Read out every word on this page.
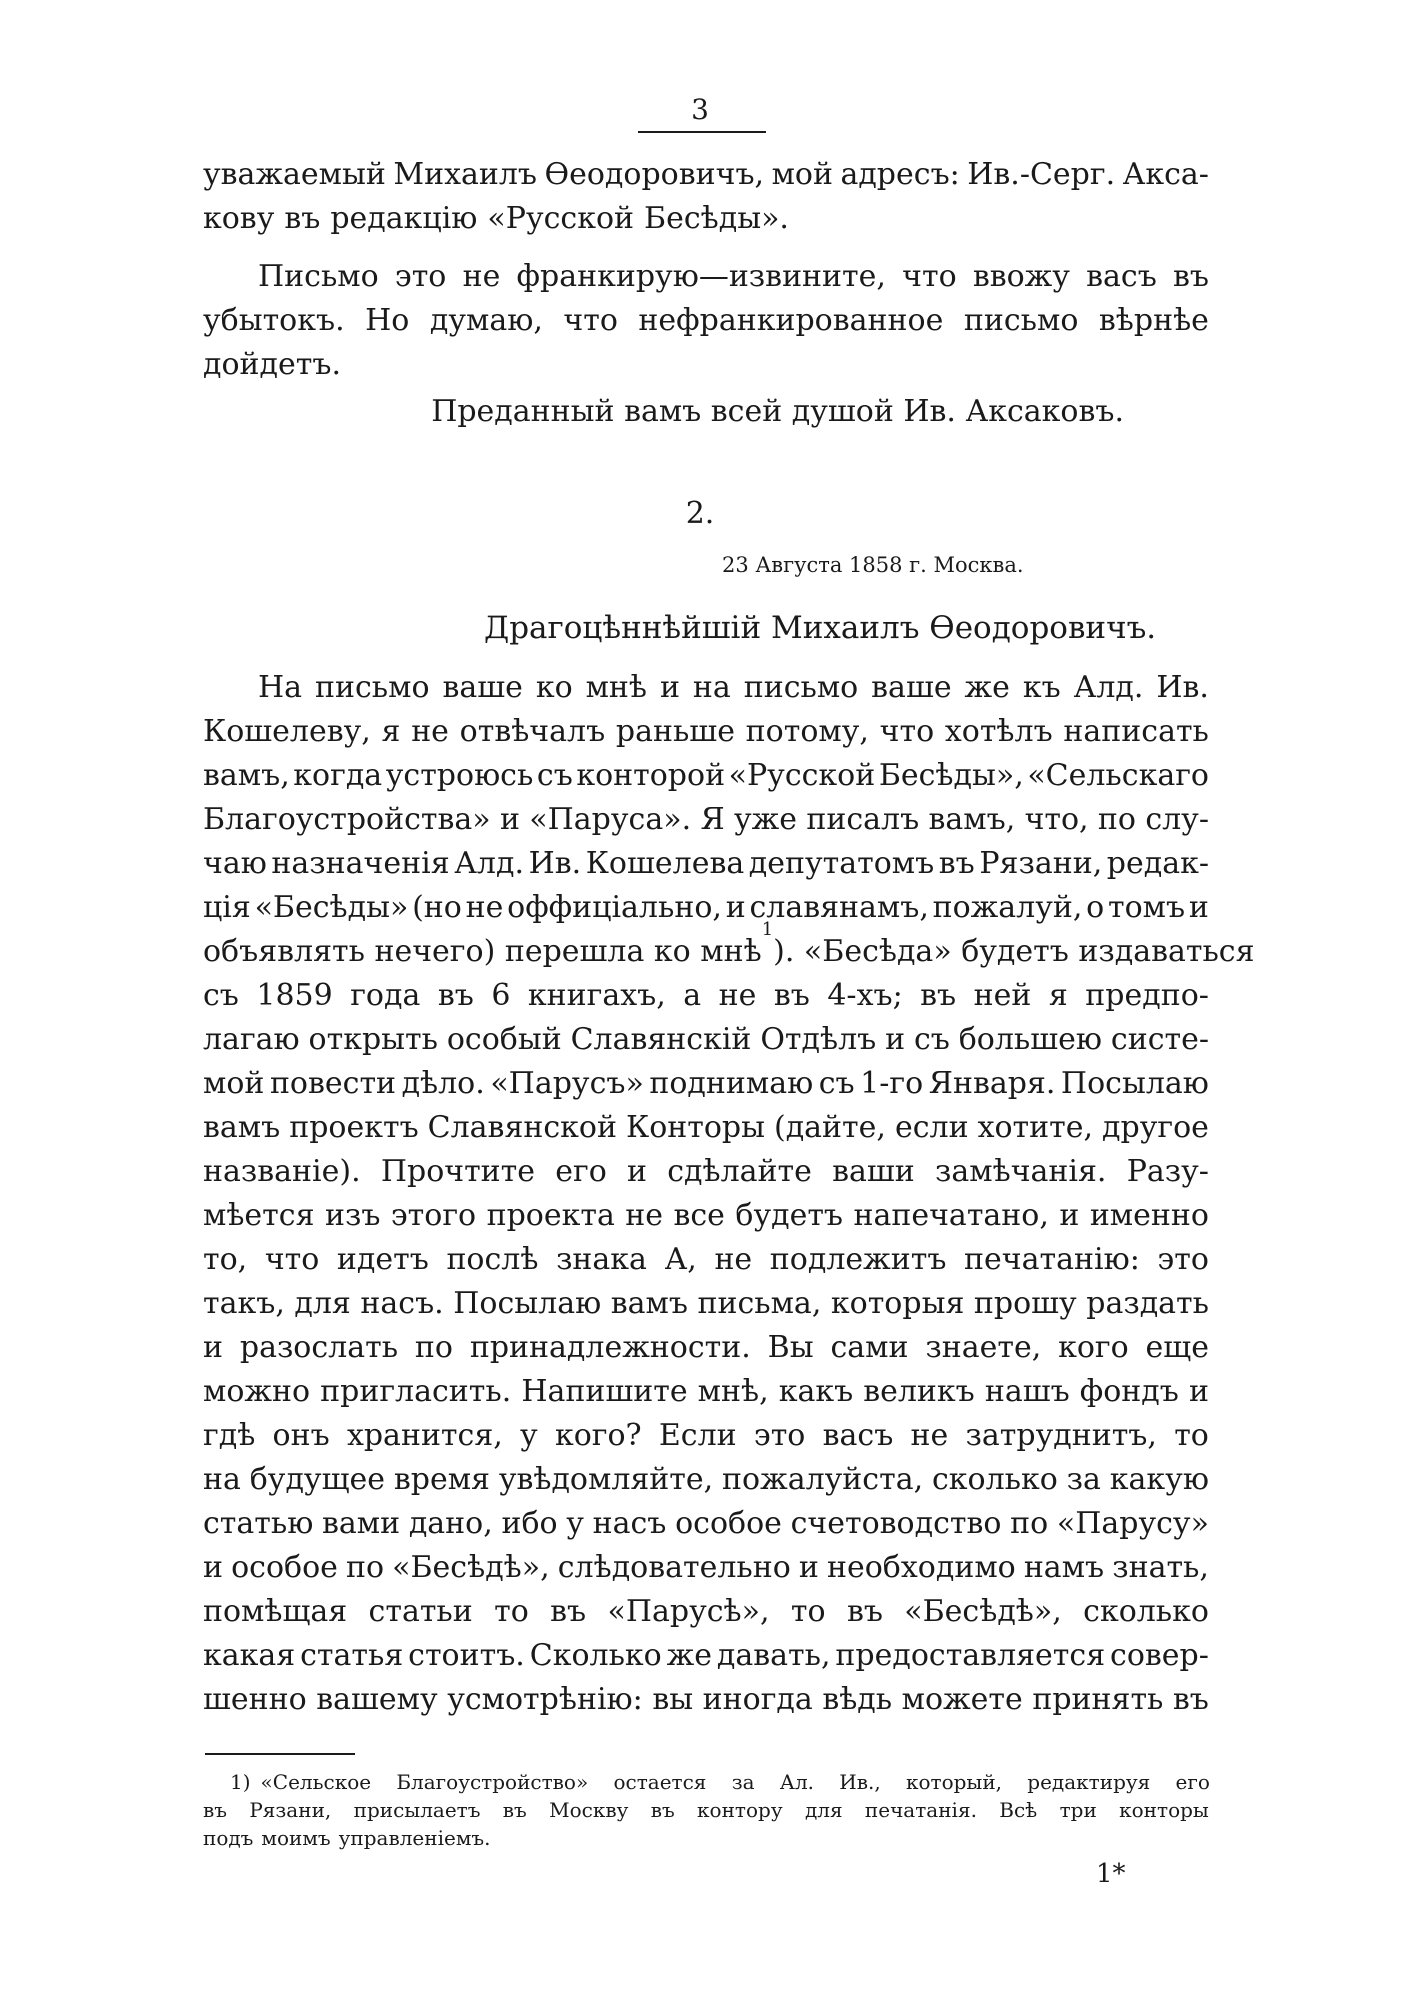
3
уважаемый Михаилъ Ѳеодоровичъ, мой адресъ: Ив.-Серг. Акса-
кову въ редакцію «Русской Бесѣды».
Письмо это не франкирую—извините, что ввожу васъ въ
убытокъ. Но думаю, что нефранкированное письмо вѣрнѣе
дойдетъ.
Преданный вамъ всей душой Ив. Аксаковъ.
2.
23 Августа 1858 г. Москва.
Драгоцѣннѣйшій Михаилъ Ѳеодоровичъ.
На письмо ваше ко мнѣ и на письмо ваше же къ Алд. Ив.
Кошелеву, я не отвѣчалъ раньше потому, что хотѣлъ написать
вамъ, когда устроюсь съ конторой «Русской Бесѣды», «Сельскаго
Благоустройства» и «Паруса». Я уже писалъ вамъ, что, по слу-
чаю назначенія Алд. Ив. Кошелева депутатомъ въ Рязани, редак-
ція «Бесѣды» (но не оффиціально, и славянамъ, пожалуй, о томъ и
объявлять нечего) перешла ко мнѣ
1
). «Бесѣда» будетъ издаваться
съ 1859 года въ 6 книгахъ, а не въ 4-хъ; въ ней я предпо-
лагаю открыть особый Славянскій Отдѣлъ и съ большею систе-
мой повести дѣло. «Парусъ» поднимаю съ 1-го Января. Посылаю
вамъ проектъ Славянской Конторы (дайте, если хотите, другое
названіе). Прочтите его и сдѣлайте ваши замѣчанія. Разу-
мѣется изъ этого проекта не все будетъ напечатано, и именно
то, что идетъ послѣ знака А, не подлежитъ печатанію: это
такъ, для насъ. Посылаю вамъ письма, которыя прошу раздать
и разослать по принадлежности. Вы сами знаете, кого еще
можно пригласить. Напишите мнѣ, какъ великъ нашъ фондъ и
гдѣ онъ хранится, у кого? Если это васъ не затруднитъ, то
на будущее время увѣдомляйте, пожалуйста, сколько за какую
статью вами дано, ибо у насъ особое счетоводство по «Парусу»
и особое по «Бесѣдѣ», слѣдовательно и необходимо намъ знать,
помѣщая статьи то въ «Парусѣ», то въ «Бесѣдѣ», сколько
какая статья стоитъ. Сколько же давать, предоставляется совер-
шенно вашему усмотрѣнію: вы иногда вѣдь можете принять въ
1) «Сельское Благоустройство» остается за Ал. Ив., который, редактируя его
въ Рязани, присылаетъ въ Москву въ контору для печатанія. Всѣ три конторы
подъ моимъ управленіемъ.
1*
